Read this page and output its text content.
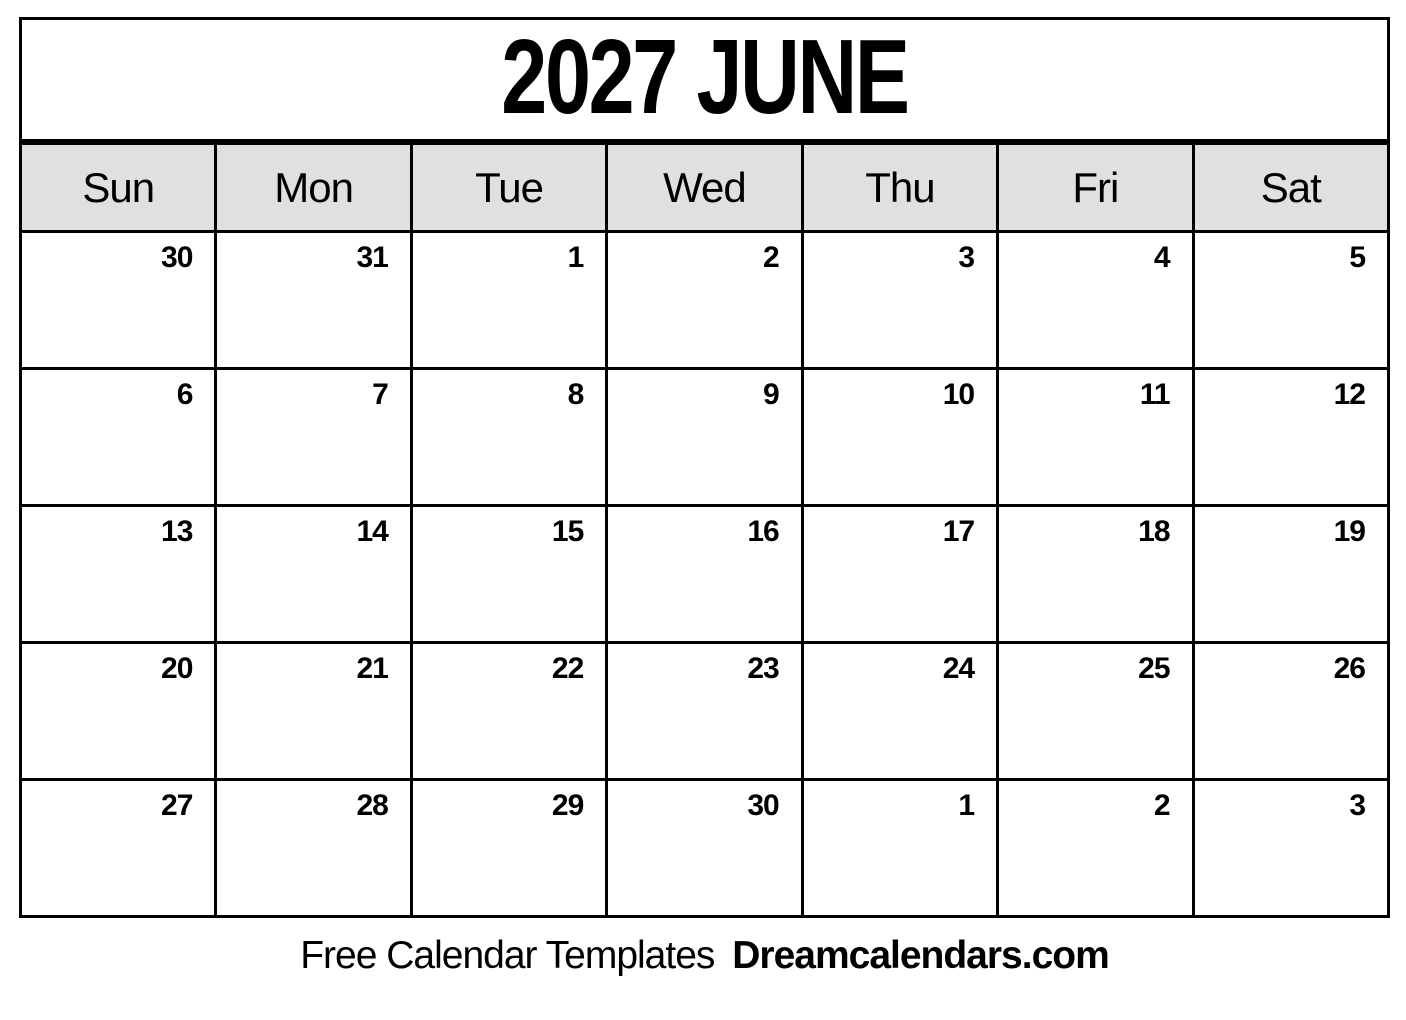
2027 JUNE
Sun	Mon	Tue	Wed	Thu	Fri	Sat
30	31	1	2	3	4	5
6	7	8	9	10	11	12
13	14	15	16	17	18	19
20	21	22	23	24	25	26
27	28	29	30	1	2	3
Free Calendar Templates Dreamcalendars.com
